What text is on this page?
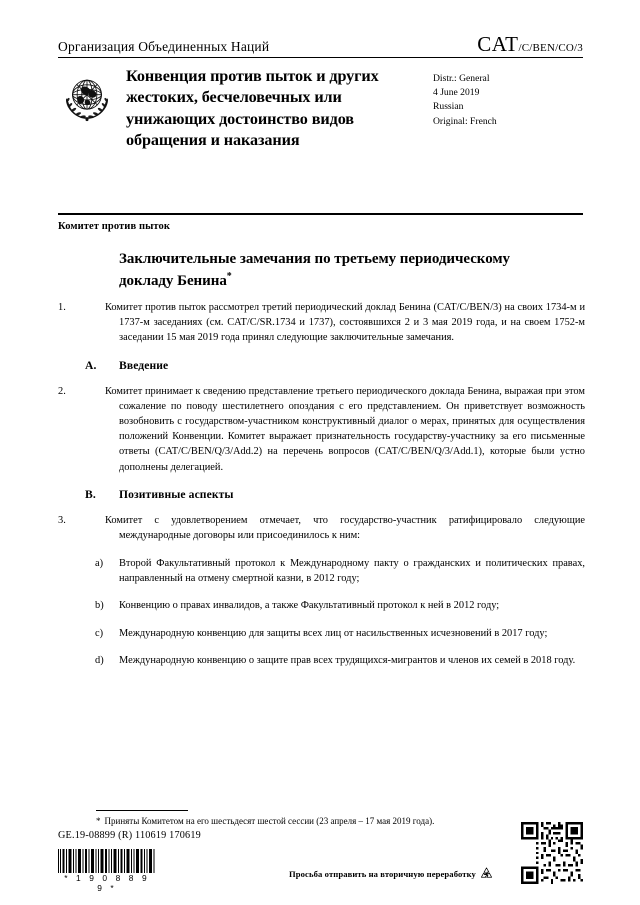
Организация Объединенных Наций	CAT/C/BEN/CO/3
Конвенция против пыток и других жестоких, бесчеловечных или унижающих достоинство видов обращения и наказания
Distr.: General
4 June 2019
Russian
Original: French
Комитет против пыток
Заключительные замечания по третьему периодическому докладу Бенина*

1.	Комитет против пыток рассмотрел третий периодический доклад Бенина (CAT/C/BEN/3) на своих 1734-м и 1737-м заседаниях (см. CAT/C/SR.1734 и 1737), состоявшихся 2 и 3 мая 2019 года, и на своем 1752-м заседании 15 мая 2019 года принял следующие заключительные замечания.

A. Введение

2.	Комитет принимает к сведению представление третьего периодического доклада Бенина, выражая при этом сожаление по поводу шестилетнего опоздания с его представлением. Он приветствует возможность возобновить с государством-участником конструктивный диалог о мерах, принятых для осуществления положений Конвенции. Комитет выражает признательность государству-участнику за его письменные ответы (CAT/C/BEN/Q/3/Add.2) на перечень вопросов (CAT/C/BEN/Q/3/Add.1), которые были устно дополнены делегацией.

B. Позитивные аспекты

3.	Комитет с удовлетворением отмечает, что государство-участник ратифицировало следующие международные договоры или присоединилось к ним:

a) Второй Факультативный протокол к Международному пакту о гражданских и политических правах, направленный на отмену смертной казни, в 2012 году;

b) Конвенцию о правах инвалидов, а также Факультативный протокол к ней в 2012 году;

c) Международную конвенцию для защиты всех лиц от насильственных исчезновений в 2017 году;

d) Международную конвенцию о защите прав всех трудящихся-мигрантов и членов их семей в 2018 году.

* Приняты Комитетом на его шестьдесят шестой сессии (23 апреля – 17 мая 2019 года).
GE.19-08899 (R) 110619 170619
* 1 9 0 8 8 9 9 *
Просьба отправить на вторичную переработку
